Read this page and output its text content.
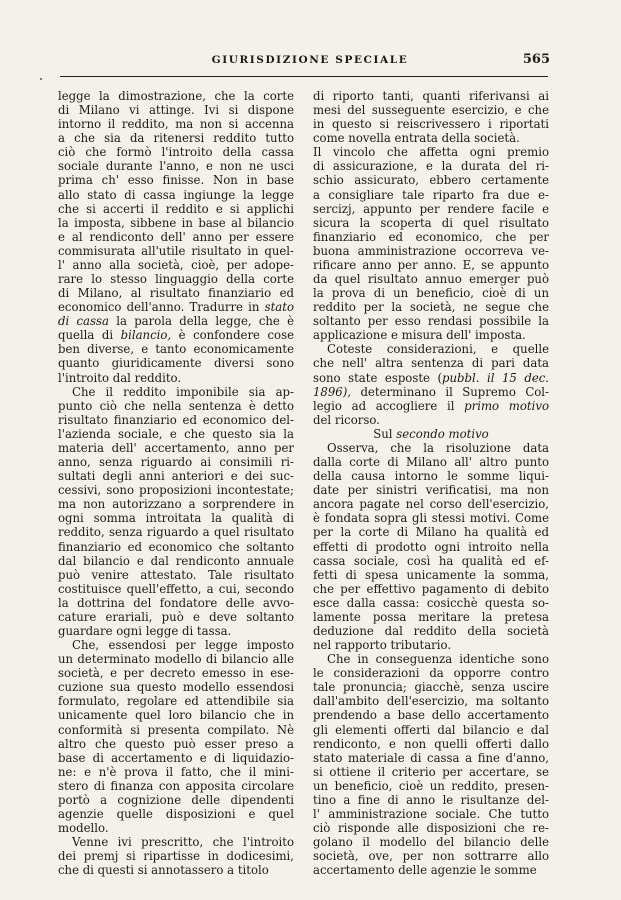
GIURISDIZIONE SPECIALE	565
legge la dimostrazione, che la corte
di Milano vi attinge. Ivi si dispone
intorno il reddito, ma non si accenna
a che sia da ritenersi reddito tutto
ciò che formò l'introito della cassa
sociale durante l'anno, e non ne usci
prima ch' esso finisse. Non in base
allo stato di cassa ingiunge la legge
che si accerti il reddito e si applichi
la imposta, sibbene in base al bilancio
e al rendiconto dell' anno per essere
commisurata all'utile risultato in quel-
l' anno alla società, cioè, per adope-
rare lo stesso linguaggio della corte
di Milano, al risultato finanziario ed
economico dell'anno. Tradurre in stato
di cassa la parola della legge, che è
quella di bilancio, è confondere cose
ben diverse, e tanto economicamente
quanto giuridicamente diversi sono
l'introito dal reddito.
Che il reddito imponibile sia ap-
punto ciò che nella sentenza è detto
risultato finanziario ed economico del-
l'azienda sociale, e che questo sia la
materia dell' accertamento, anno per
anno, senza riguardo ai consimili ri-
sultati degli anni anteriori e dei suc-
cessivi, sono proposizioni incontestate;
ma non autorizzano a sorprendere in
ogni somma introitata la qualità di
reddito, senza riguardo a quel risultato
finanziario ed economico che soltanto
dal bilancio e dal rendiconto annuale
può venire attestato. Tale risultato
costituisce quell'effetto, a cui, secondo
la dottrina del fondatore delle avvo-
cature erariali, può e deve soltanto
guardare ogni legge di tassa.
Che, essendosi per legge imposto
un determinato modello di bilancio alle
società, e per decreto emesso in ese-
cuzione sua questo modello essendosi
formulato, regolare ed attendibile sia
unicamente quel loro bilancio che in
conformità si presenta compilato. Nè
altro che questo può esser preso a
base di accertamento e di liquidazio-
ne: e n'è prova il fatto, che il mini-
stero di finanza con apposita circolare
portò a cognizione delle dipendenti
agenzie quelle disposizioni e quel
modello.
Venne ivi prescritto, che l'introito
dei premj si ripartisse in dodicesimi,
che di questi si annotassero a titolo
di riporto tanti, quanti riferivansi ai
mesi del susseguente esercizio, e che
in questo si reiscrivessero i riportati
come novella entrata della società.
Il vincolo che affetta ogni premio
di assicurazione, e la durata del ri-
schio assicurato, ebbero certamente
a consigliare tale riparto fra due e-
sercizj, appunto per rendere facile e
sicura la scoperta di quel risultato
finanziario ed economico, che per
buona amministrazione occorreva ve-
rificare anno per anno. E, se appunto
da quel risultato annuo emerger può
la prova di un beneficio, cioè di un
reddito per la società, ne segue che
soltanto per esso rendasi possibile la
applicazione e misura dell' imposta.
Coteste considerazioni, e quelle
che nell' altra sentenza di pari data
sono state esposte (pubbl. il 15 dec.
1896), determinano il Supremo Col-
legio ad accogliere il primo motivo
del ricorso.
Sul secondo motivo
Osserva, che la risoluzione data
dalla corte di Milano all' altro punto
della causa intorno le somme liqui-
date per sinistri verificatisi, ma non
ancora pagate nel corso dell'esercizio,
è fondata sopra gli stessi motivi. Come
per la corte di Milano ha qualità ed
effetti di prodotto ogni introito nella
cassa sociale, così ha qualità ed ef-
fetti di spesa unicamente la somma,
che per effettivo pagamento di debito
esce dalla cassa: cosicchè questa so-
lamente possa meritare la pretesa
deduzione dal reddito della società
nel rapporto tributario.
Che in conseguenza identiche sono
le considerazioni da opporre contro
tale pronuncia; giacchè, senza uscire
dall'ambito dell'esercizio, ma soltanto
prendendo a base dello accertamento
gli elementi offerti dal bilancio e dal
rendiconto, e non quelli offerti dallo
stato materiale di cassa a fine d'anno,
si ottiene il criterio per accertare, se
un beneficio, cioè un reddito, presen-
tino a fine di anno le risultanze del-
l' amministrazione sociale. Che tutto
ciò risponde alle disposizioni che re-
golano il modello del bilancio delle
società, ove, per non sottrarre allo
accertamento delle agenzie le somme
